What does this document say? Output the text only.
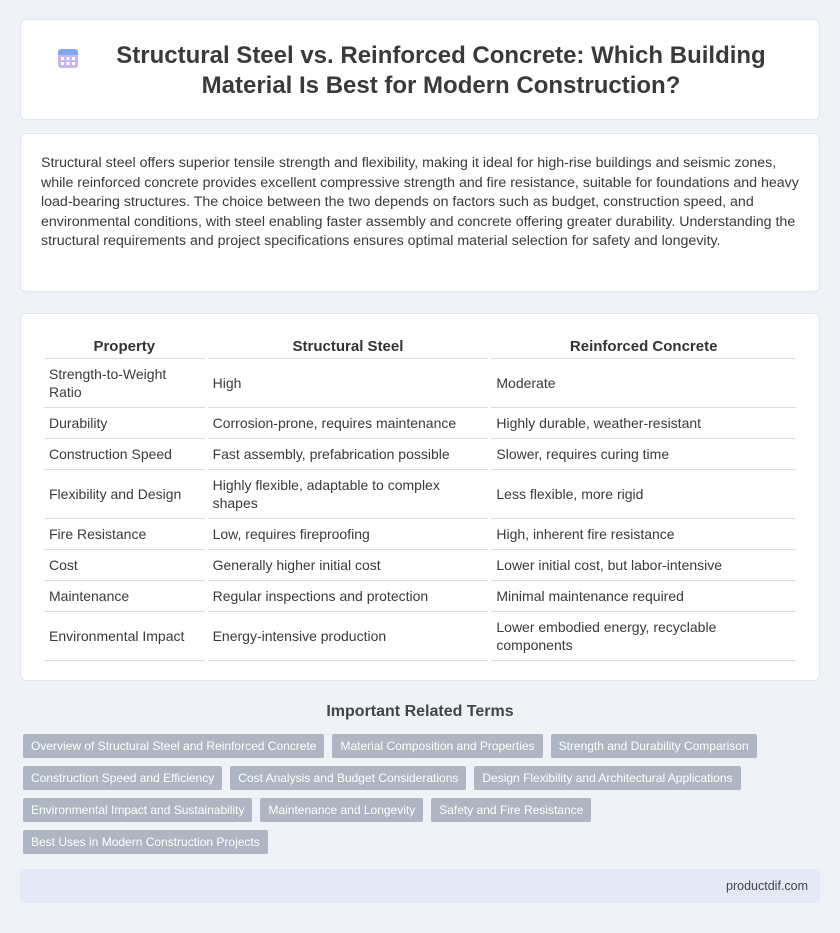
Structural Steel vs. Reinforced Concrete: Which Building Material Is Best for Modern Construction?

Structural steel offers superior tensile strength and flexibility, making it ideal for high-rise buildings and seismic zones, while reinforced concrete provides excellent compressive strength and fire resistance, suitable for foundations and heavy load-bearing structures. The choice between the two depends on factors such as budget, construction speed, and environmental conditions, with steel enabling faster assembly and concrete offering greater durability. Understanding the structural requirements and project specifications ensures optimal material selection for safety and longevity.

Property	Structural Steel	Reinforced Concrete
Strength-to-Weight Ratio	High	Moderate
Durability	Corrosion-prone, requires maintenance	Highly durable, weather-resistant
Construction Speed	Fast assembly, prefabrication possible	Slower, requires curing time
Flexibility and Design	Highly flexible, adaptable to complex shapes	Less flexible, more rigid
Fire Resistance	Low, requires fireproofing	High, inherent fire resistance
Cost	Generally higher initial cost	Lower initial cost, but labor-intensive
Maintenance	Regular inspections and protection	Minimal maintenance required
Environmental Impact	Energy-intensive production	Lower embodied energy, recyclable components
Important Related Terms
Overview of Structural Steel and Reinforced Concrete	Material Composition and Properties	Strength and Durability Comparison
Construction Speed and Efficiency	Cost Analysis and Budget Considerations	Design Flexibility and Architectural Applications
Environmental Impact and Sustainability	Maintenance and Longevity	Safety and Fire Resistance
Best Uses in Modern Construction Projects
productdif.com
